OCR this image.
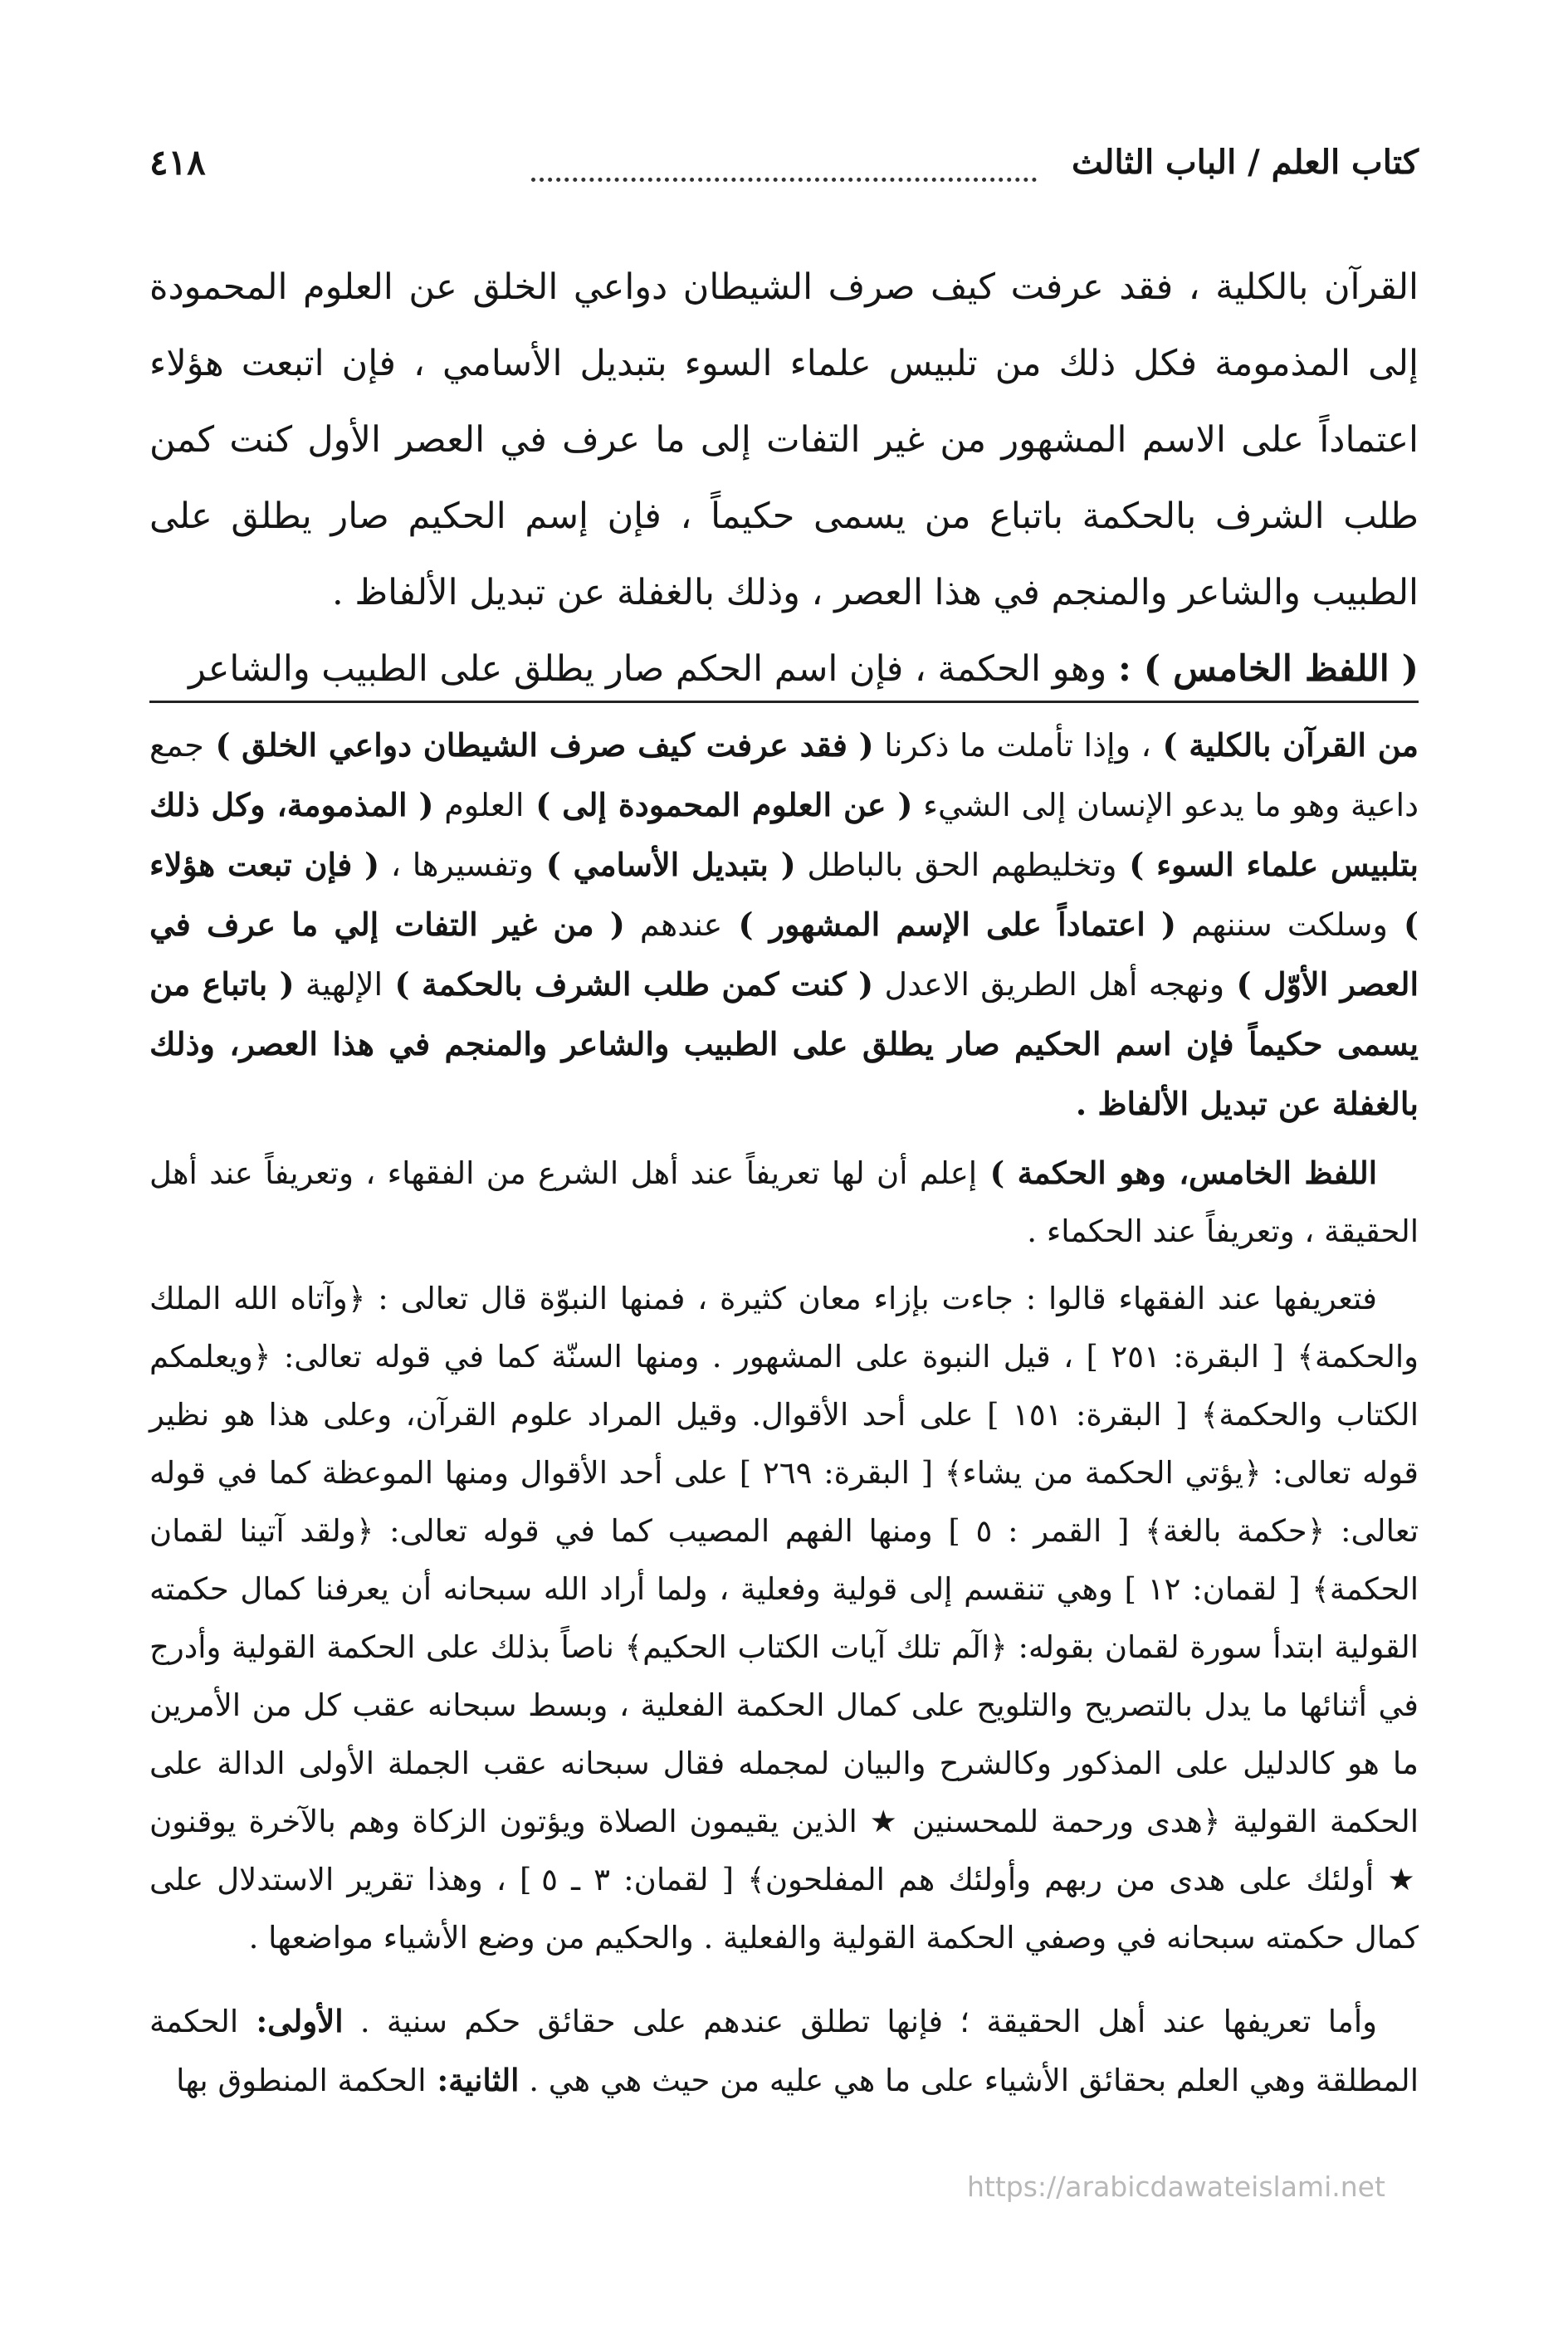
كتاب العلم / الباب الثالث
٤١٨

القرآن بالكلية ، فقد عرفت كيف صرف الشيطان دواعي الخلق عن العلوم المحمودة إلى المذمومة فكل ذلك من تلبيس علماء السوء بتبديل الأسامي ، فإن اتبعت هؤلاء اعتماداً على الاسم المشهور من غير التفات إلى ما عرف في العصر الأول كنت كمن طلب الشرف بالحكمة باتباع من يسمى حكيماً ، فإن إسم الحكيم صار يطلق على الطبيب والشاعر والمنجم في هذا العصر ، وذلك بالغفلة عن تبديل الألفاظ .

( اللفظ الخامس ) : وهو الحكمة ، فإن اسم الحكم صار يطلق على الطبيب والشاعر

من القرآن بالكلية ) ، وإذا تأملت ما ذكرنا ( فقد عرفت كيف صرف الشيطان دواعي الخلق ) جمع داعية وهو ما يدعو الإنسان إلى الشيء ( عن العلوم المحمودة إلى ) العلوم ( المذمومة، وكل ذلك بتلبيس علماء السوء ) وتخليطهم الحق بالباطل ( بتبديل الأسامي ) وتفسيرها ، ( فإن تبعت هؤلاء ) وسلكت سننهم ( اعتماداً على الإسم المشهور ) عندهم ( من غير التفات إلي ما عرف في العصر الأوّل ) ونهجه أهل الطريق الاعدل ( كنت كمن طلب الشرف بالحكمة ) الإلهية ( باتباع من يسمى حكيماً فإن اسم الحكيم صار يطلق على الطبيب والشاعر والمنجم في هذا العصر، وذلك بالغفلة عن تبديل الألفاظ .

اللفظ الخامس، وهو الحكمة ) إعلم أن لها تعريفاً عند أهل الشرع من الفقهاء ، وتعريفاً عند أهل الحقيقة ، وتعريفاً عند الحكماء .

فتعريفها عند الفقهاء قالوا : جاءت بإزاء معان كثيرة ، فمنها النبوّة قال تعالى : ﴿وآتاه الله الملك والحكمة﴾ [ البقرة: ٢٥١ ] ، قيل النبوة على المشهور . ومنها السنّة كما في قوله تعالى: ﴿ويعلمكم الكتاب والحكمة﴾ [ البقرة: ١٥١ ] على أحد الأقوال. وقيل المراد علوم القرآن، وعلى هذا هو نظير قوله تعالى: ﴿يؤتي الحكمة من يشاء﴾ [ البقرة: ٢٦٩ ] على أحد الأقوال ومنها الموعظة كما في قوله تعالى: ﴿حكمة بالغة﴾ [ القمر : ٥ ] ومنها الفهم المصيب كما في قوله تعالى: ﴿ولقد آتينا لقمان الحكمة﴾ [ لقمان: ١٢ ] وهي تنقسم إلى قولية وفعلية ، ولما أراد الله سبحانه أن يعرفنا كمال حكمته القولية ابتدأ سورة لقمان بقوله: ﴿الٓم تلك آيات الكتاب الحكيم﴾ ناصاً بذلك على الحكمة القولية وأدرج في أثنائها ما يدل بالتصريح والتلويح على كمال الحكمة الفعلية ، وبسط سبحانه عقب كل من الأمرين ما هو كالدليل على المذكور وكالشرح والبيان لمجمله فقال سبحانه عقب الجملة الأولى الدالة على الحكمة القولية ﴿هدى ورحمة للمحسنين ★ الذين يقيمون الصلاة ويؤتون الزكاة وهم بالآخرة يوقنون ★ أولئك على هدى من ربهم وأولئك هم المفلحون﴾ [ لقمان: ٣ ـ ٥ ] ، وهذا تقرير الاستدلال على كمال حكمته سبحانه في وصفي الحكمة القولية والفعلية . والحكيم من وضع الأشياء مواضعها .

وأما تعريفها عند أهل الحقيقة ؛ فإنها تطلق عندهم على حقائق حكم سنية . الأولى: الحكمة المطلقة وهي العلم بحقائق الأشياء على ما هي عليه من حيث هي هي . الثانية: الحكمة المنطوق بها

https://arabicdawateislami.net
